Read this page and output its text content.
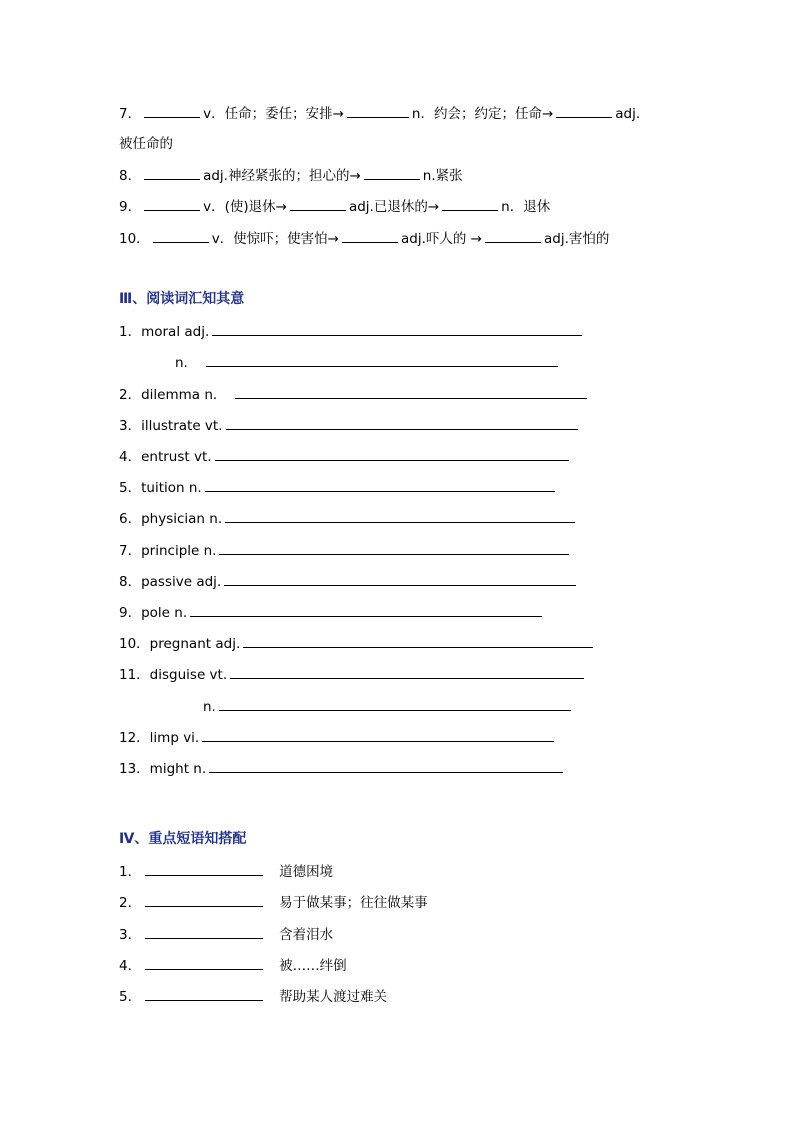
7．	v．任命；委任；安排→	n．约会；约定；任命→	adj.
被任命的
8．	adj.神经紧张的；担心的→	n.紧张
9．	v．(使)退休→	adj.已退休的→	n．退休
10．	v．使惊吓；使害怕→	adj.吓人的 →	adj.害怕的
Ⅲ、阅读词汇知其意
1．moral adj.
n.
2．dilemma n.
3．illustrate vt.
4．entrust vt.
5．tuition n.
6．physician n.
7．principle n.
8．passive adj.
9．pole n.
10．pregnant adj.
11．disguise vt.
n.
12．limp vi.
13．might n.
Ⅳ、重点短语知搭配
1．	道德困境
2．	易于做某事；往往做某事
3．	含着泪水
4．	被……绊倒
5．	帮助某人渡过难关
